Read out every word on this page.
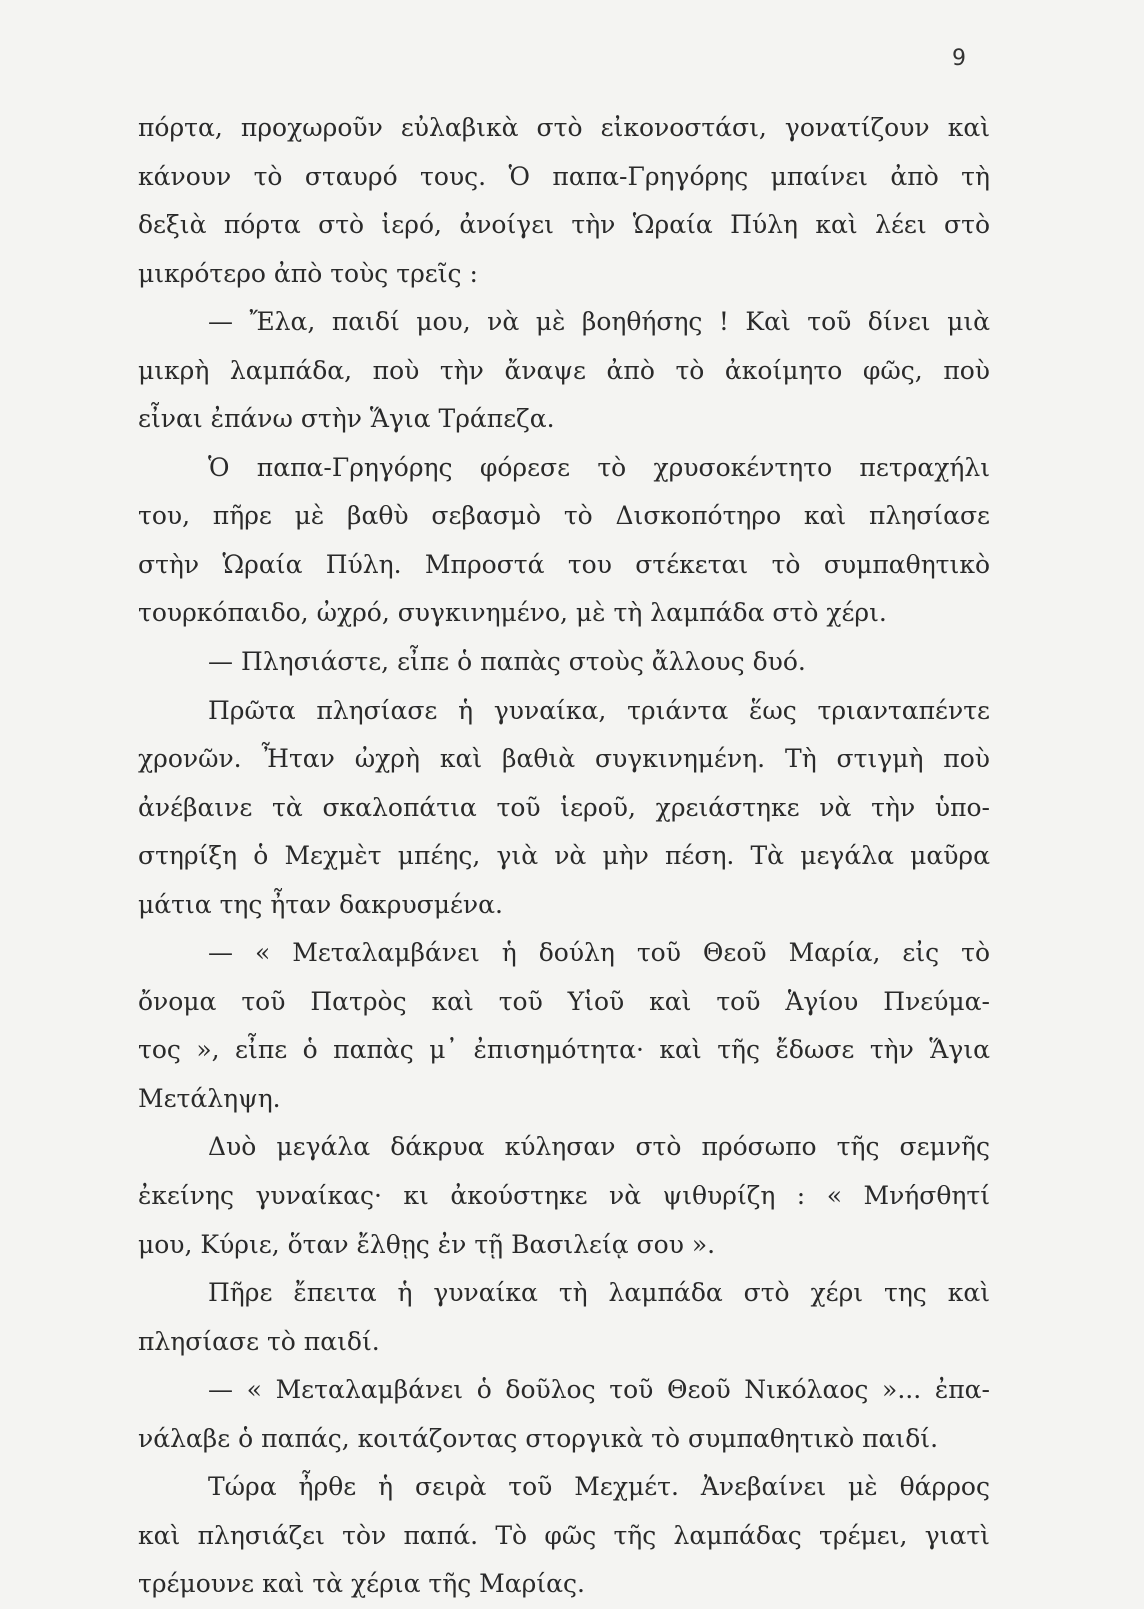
9
πόρτα, προχωροῦν εὐλαβικὰ στὸ εἰκονοστάσι, γονατίζουν καὶ
κάνουν τὸ σταυρό τους. Ὁ παπα-Γρηγόρης μπαίνει ἀπὸ τὴ
δεξιὰ πόρτα στὸ ἱερό, ἀνοίγει τὴν Ὡραία Πύλη καὶ λέει στὸ
μικρότερο ἀπὸ τοὺς τρεῖς :
— Ἔλα, παιδί μου, νὰ μὲ βοηθήσης ! Καὶ τοῦ δίνει μιὰ
μικρὴ λαμπάδα, ποὺ τὴν ἄναψε ἀπὸ τὸ ἀκοίμητο φῶς, ποὺ
εἶναι ἐπάνω στὴν Ἅγια Τράπεζα.
Ὁ παπα-Γρηγόρης φόρεσε τὸ χρυσοκέντητο πετραχήλι
του, πῆρε μὲ βαθὺ σεβασμὸ τὸ Δισκοπότηρο καὶ πλησίασε
στὴν Ὡραία Πύλη. Μπροστά του στέκεται τὸ συμπαθητικὸ
τουρκόπαιδο, ὠχρό, συγκινημένο, μὲ τὴ λαμπάδα στὸ χέρι.
— Πλησιάστε, εἶπε ὁ παπὰς στοὺς ἄλλους δυό.
Πρῶτα πλησίασε ἡ γυναίκα, τριάντα ἕως τριανταπέντε
χρονῶν. Ἦταν ὠχρὴ καὶ βαθιὰ συγκινημένη. Τὴ στιγμὴ ποὺ
ἀνέβαινε τὰ σκαλοπάτια τοῦ ἱεροῦ, χρειάστηκε νὰ τὴν ὑπο-
στηρίξη ὁ Μεχμὲτ μπέης, γιὰ νὰ μὴν πέση. Τὰ μεγάλα μαῦρα
μάτια της ἦταν δακρυσμένα.
— « Μεταλαμβάνει ἡ δούλη τοῦ Θεοῦ Μαρία, εἰς τὸ
ὄνομα τοῦ Πατρὸς καὶ τοῦ Υἱοῦ καὶ τοῦ Ἁγίου Πνεύμα-
τος », εἶπε ὁ παπὰς μ᾿ ἐπισημότητα· καὶ τῆς ἔδωσε τὴν Ἅγια
Μετάληψη.
Δυὸ μεγάλα δάκρυα κύλησαν στὸ πρόσωπο τῆς σεμνῆς
ἐκείνης γυναίκας· κι ἀκούστηκε νὰ ψιθυρίζη : « Μνήσθητί
μου, Κύριε, ὅταν ἔλθῃς ἐν τῇ Βασιλείᾳ σου ».
Πῆρε ἔπειτα ἡ γυναίκα τὴ λαμπάδα στὸ χέρι της καὶ
πλησίασε τὸ παιδί.
— « Μεταλαμβάνει ὁ δοῦλος τοῦ Θεοῦ Νικόλαος »... ἐπα-
νάλαβε ὁ παπάς, κοιτάζοντας στοργικὰ τὸ συμπαθητικὸ παιδί.
Τώρα ἦρθε ἡ σειρὰ τοῦ Μεχμέτ. Ἀνεβαίνει μὲ θάρρος
καὶ πλησιάζει τὸν παπά. Τὸ φῶς τῆς λαμπάδας τρέμει, γιατὶ
τρέμουνε καὶ τὰ χέρια τῆς Μαρίας.
